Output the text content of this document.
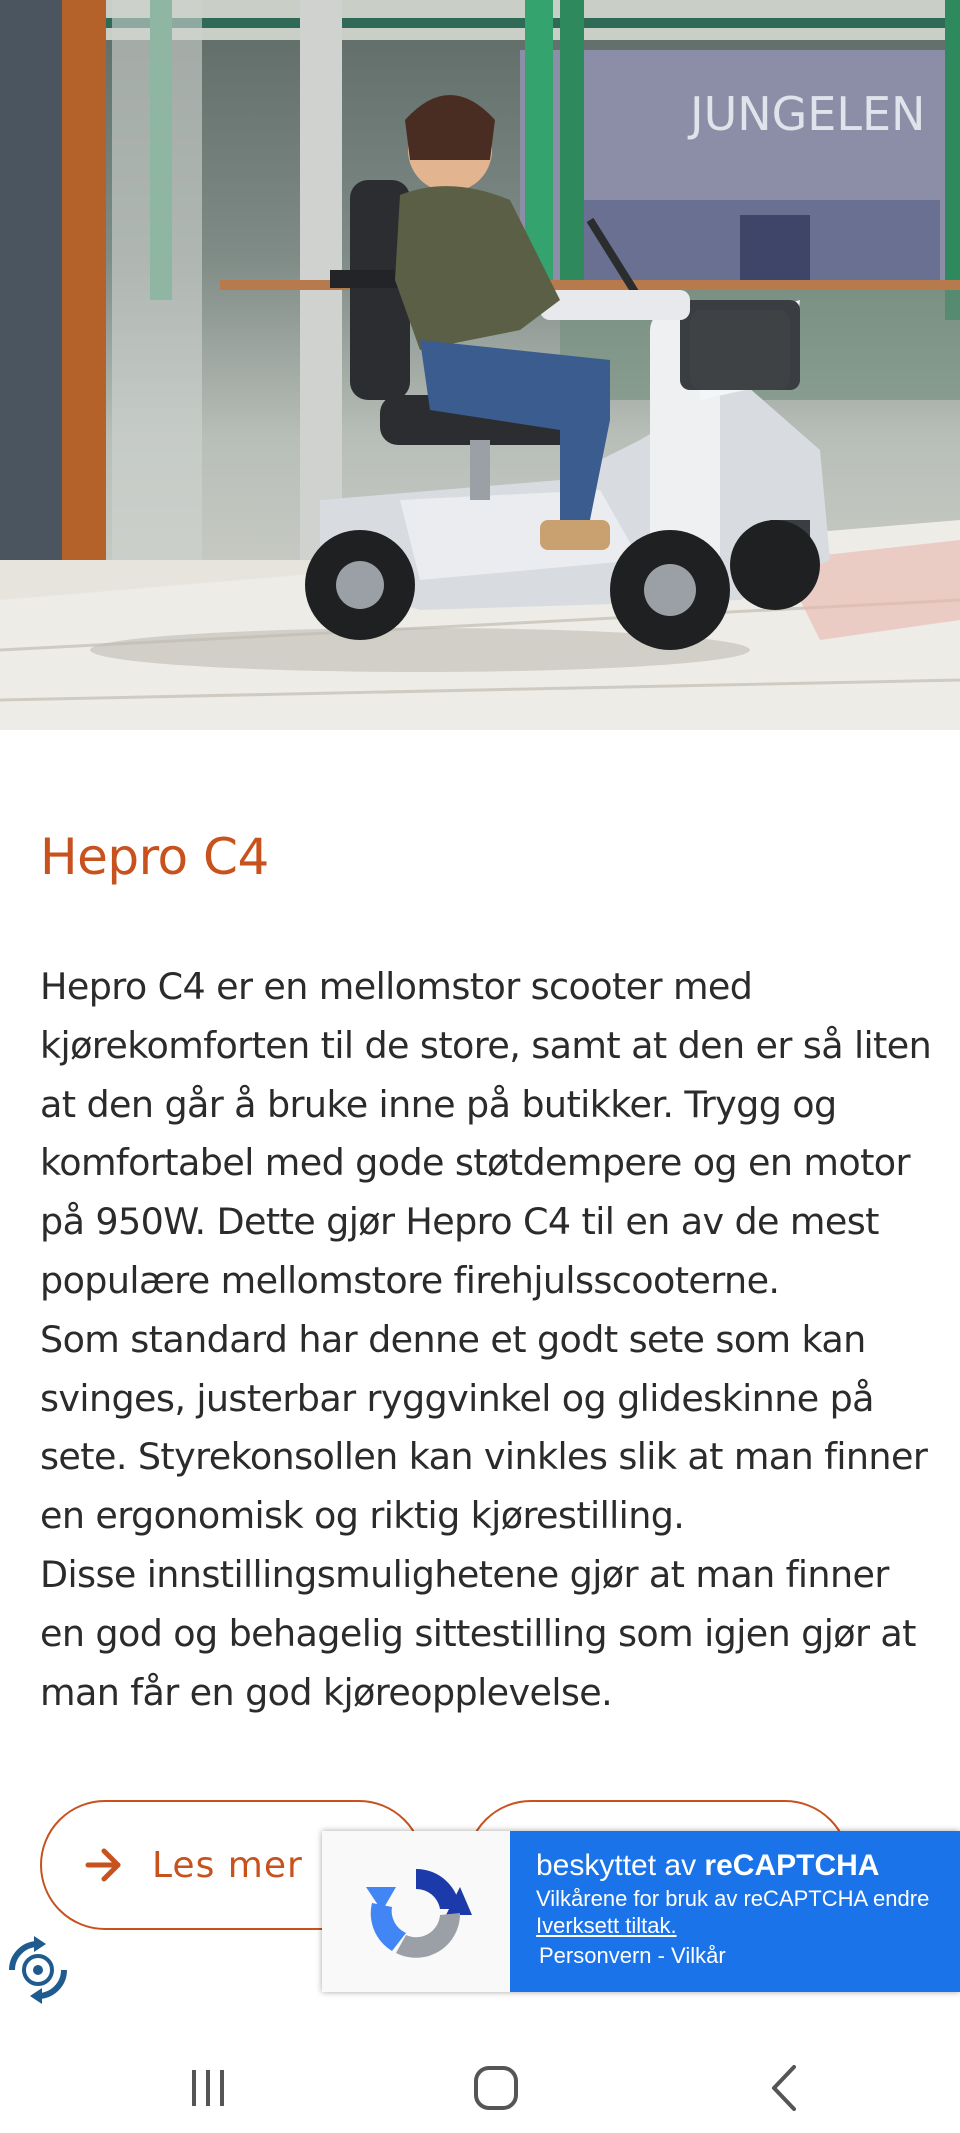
JUNGELEN
Hepro C4

Hepro C4 er en mellomstor scooter med kjørekomforten til de store, samt at den er så liten at den går å bruke inne på butikker. Trygg og komfortabel med gode støtdempere og en motor på 950W. Dette gjør Hepro C4 til en av de mest populære mellomstore firehjulsscooterne.

Som standard har denne et godt sete som kan svinges, justerbar ryggvinkel og glideskinne på sete. Styrekonsollen kan vinkles slik at man finner en ergonomisk og riktig kjørestilling.

Disse innstillingsmulighetene gjør at man finner en god og behagelig sittestilling som igjen gjør at man får en god kjøreopplevelse.

Les mer	beskyttet av reCAPTCHA
Vilkårene for bruk av reCAPTCHA endre
Iverksett tiltak.
Personvern - Vilkår
